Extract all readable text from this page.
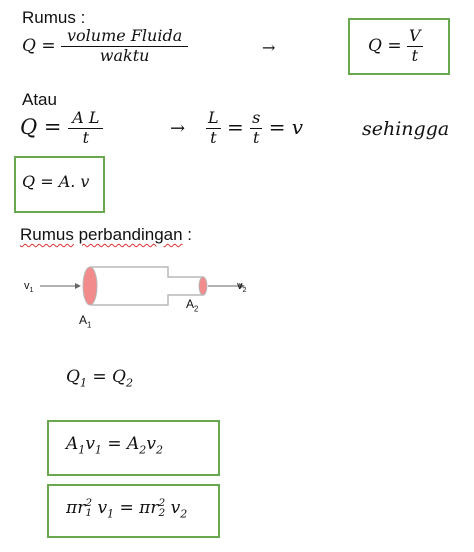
Rumus :
$Q = \frac{\text{volume Fluida}}{\text{waktu}}$	→	$Q = \frac{V}{t}$
Atau
$Q = \frac{\text{A L}}{t}$	→ $\frac{L}{t} = \frac{s}{t} = v$	sehingga
Q = A. v
Rumus perbandingan :
$v_1$	$v_2$
$A_1$
$A_2$
$Q_1 = Q_2$
$A_1v_1 = A_2v_2$
πr 2
1 $v_1 = \pi r$ 2
2 $v_2$
